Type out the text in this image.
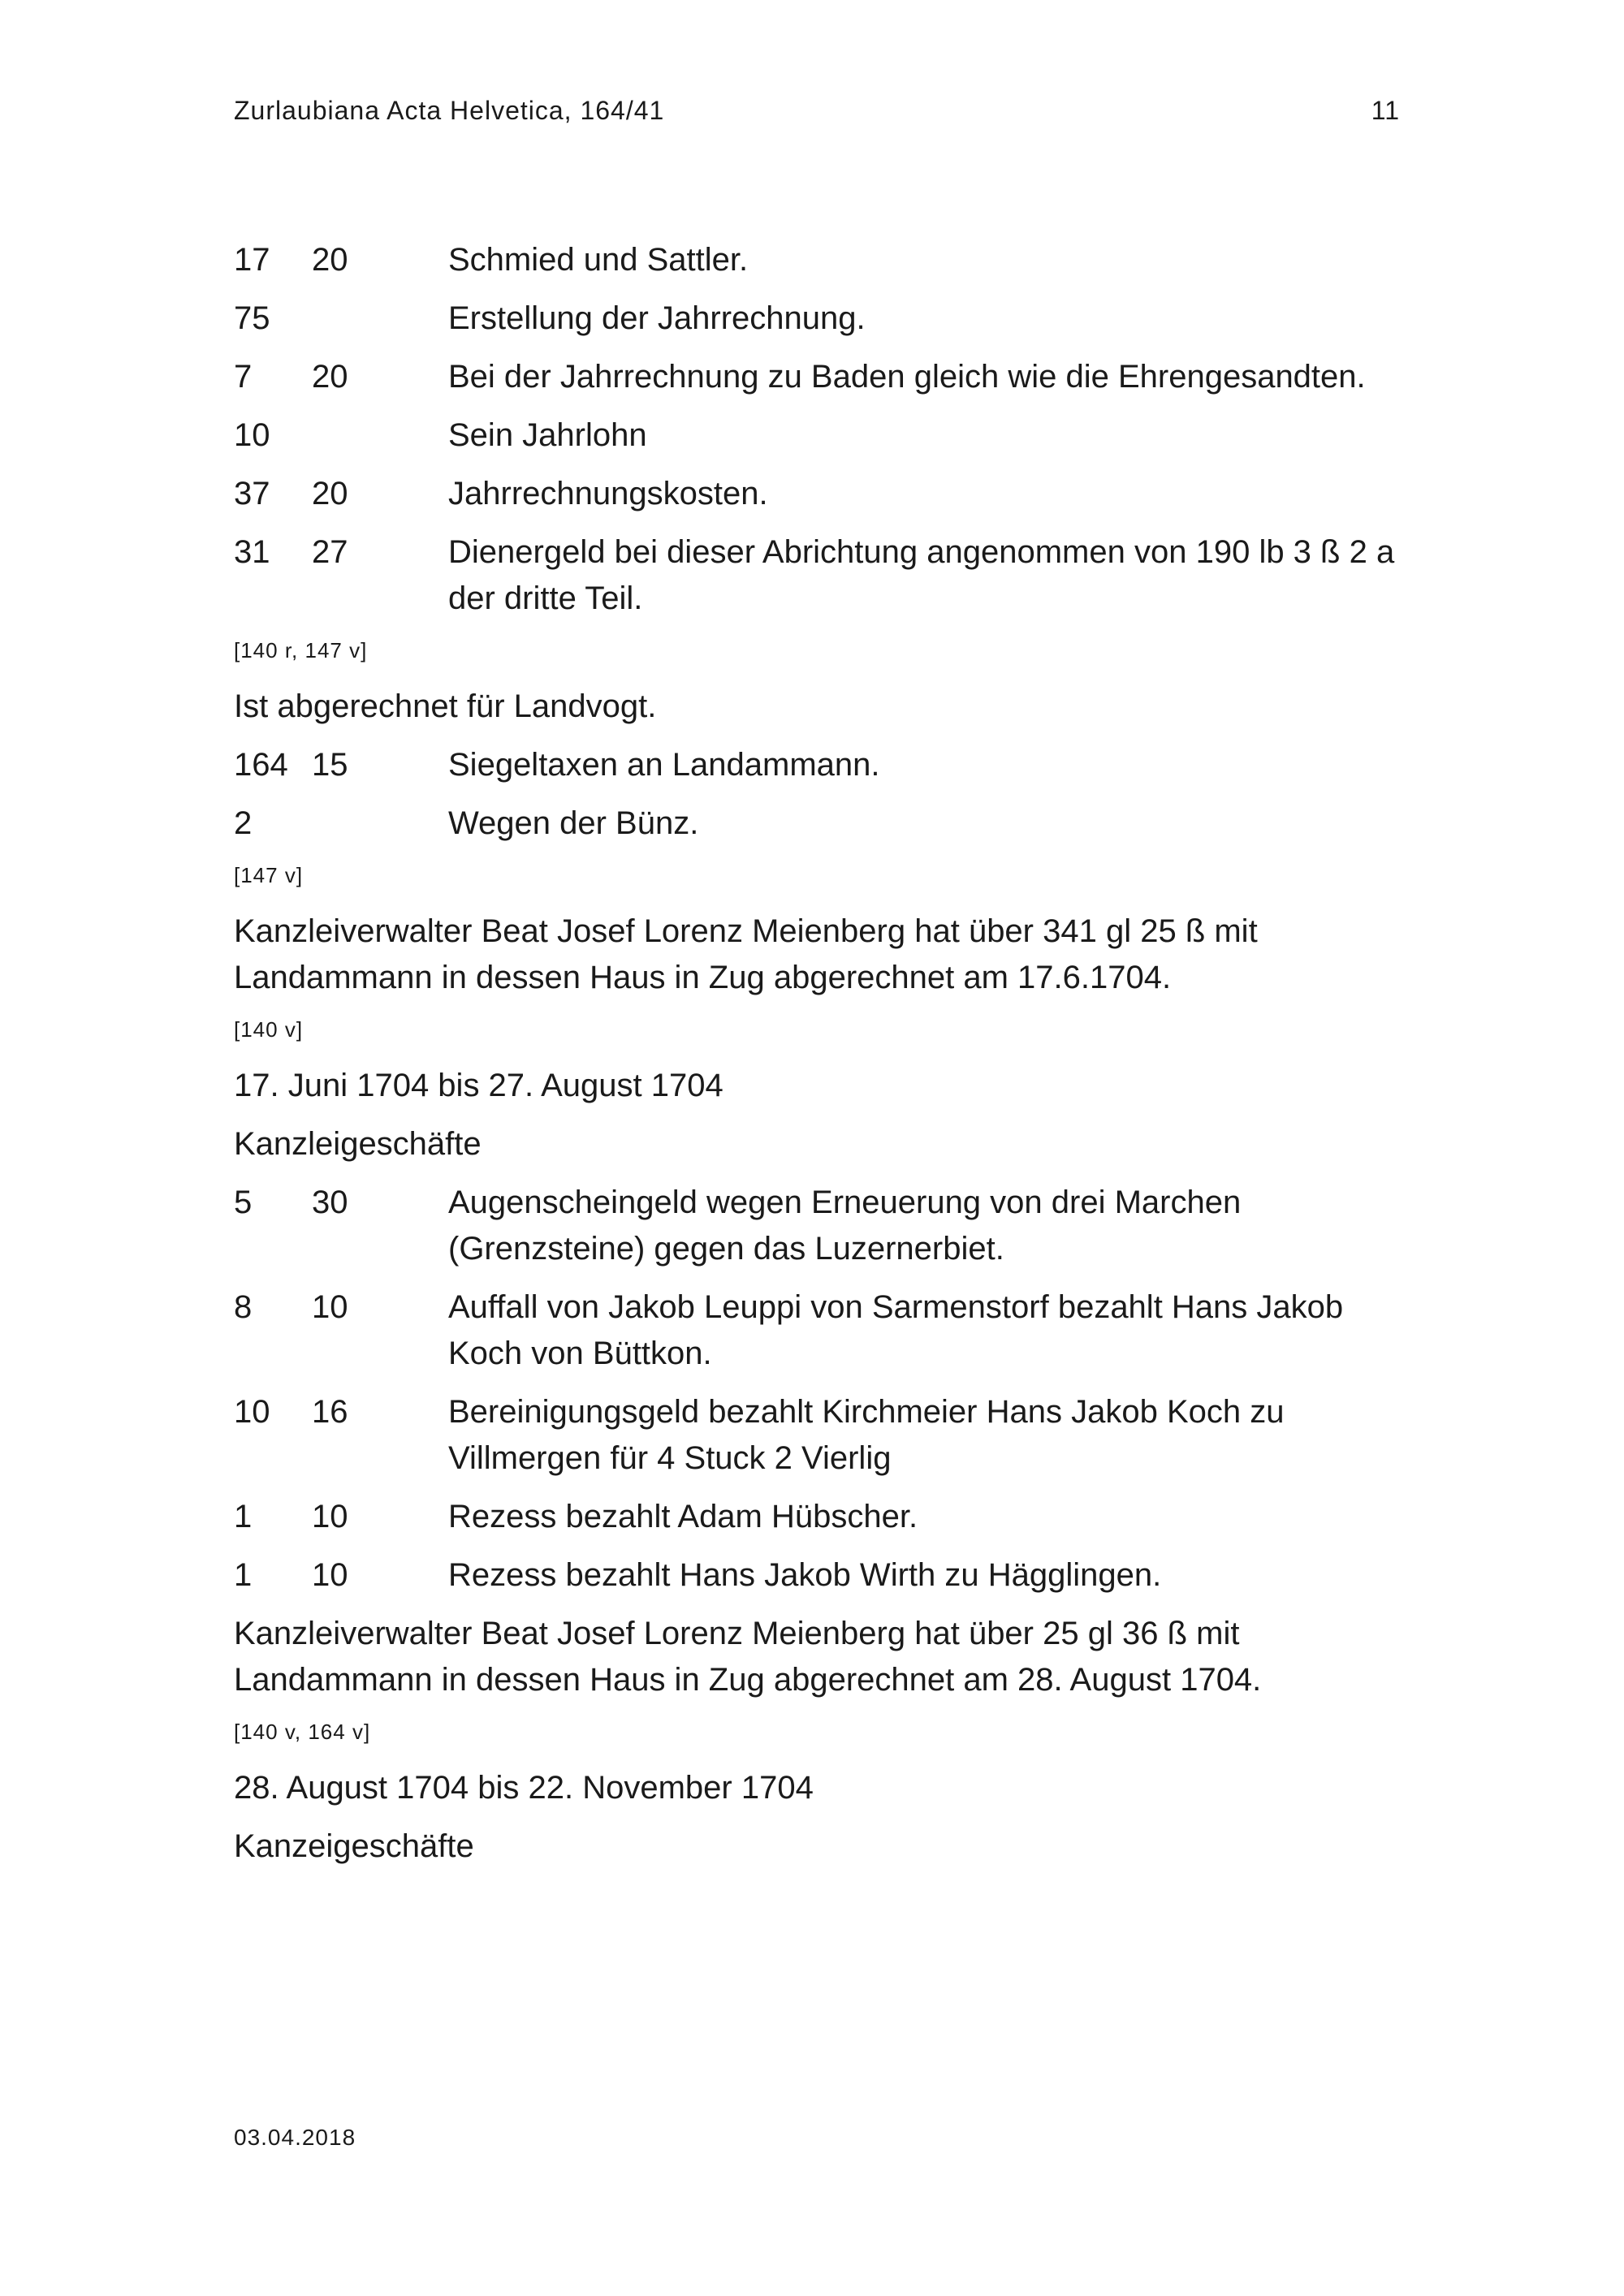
Zurlaubiana Acta Helvetica, 164/41	11
17 20	Schmied und Sattler.
75	Erstellung der Jahrrechnung.
7 20	Bei der Jahrrechnung zu Baden gleich wie die Ehrengesandten.
10	Sein Jahrlohn
37 20	Jahrrechnungskosten.
31 27	Dienergeld bei dieser Abrichtung angenommen von 190 lb 3 ß 2 a der dritte Teil.
[140 r, 147 v]
Ist abgerechnet für Landvogt.
164 15	Siegeltaxen an Landammann.
2	Wegen der Bünz.
[147 v]
Kanzleiverwalter Beat Josef Lorenz Meienberg hat über 341 gl 25 ß mit Landammann in dessen Haus in Zug abgerechnet am 17.6.1704.
[140 v]
17. Juni 1704 bis 27. August 1704
Kanzleigeschäfte
5 30	Augenscheingeld wegen Erneuerung von drei Marchen (Grenzsteine) gegen das Luzernerbiet.
8 10	Auffall von Jakob Leuppi von Sarmenstorf bezahlt Hans Jakob Koch von Büttkon.
10 16	Bereinigungsgeld bezahlt Kirchmeier Hans Jakob Koch zu Villmergen für 4 Stuck 2 Vierlig
1 10	Rezess bezahlt Adam Hübscher.
1 10	Rezess bezahlt Hans Jakob Wirth zu Hägglingen.
Kanzleiverwalter Beat Josef Lorenz Meienberg hat über 25 gl 36 ß mit Landammann in dessen Haus in Zug abgerechnet am 28. August 1704.
[140 v, 164 v]
28. August 1704 bis 22. November 1704
Kanzeigeschäfte
03.04.2018
